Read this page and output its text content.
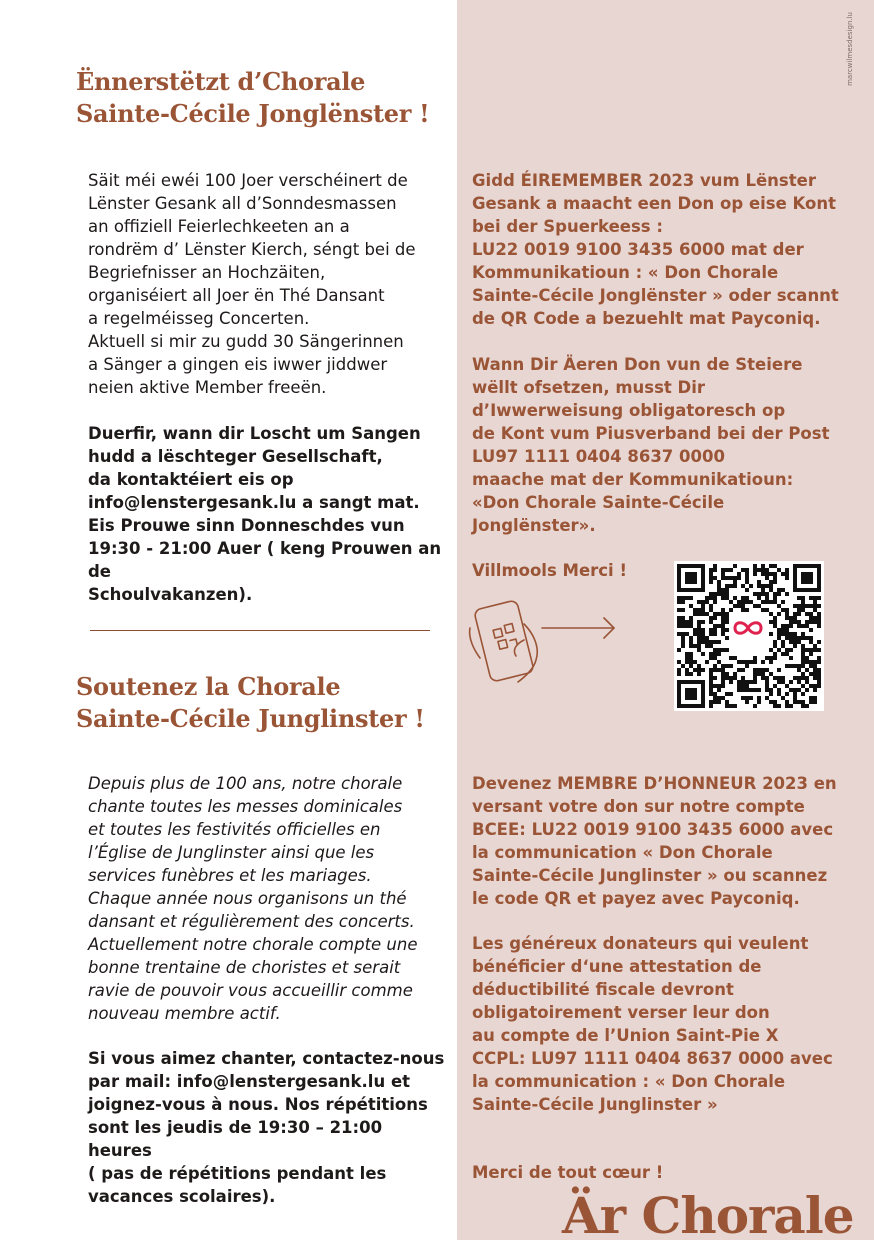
marcwilmesdesign.lu
Ënnerstëtzt d’Chorale
Sainte-Cécile Jonglënster !

Säit méi ewéi 100 Joer verschéinert de
Lënster Gesank all d’Sonndesmassen
an offiziell Feierlechkeeten an a
rondrëm d’ Lënster Kierch, séngt bei de
Begriefnisser an Hochzäiten,
organiséiert all Joer ën Thé Dansant
a regelméisseg Concerten.
Aktuell si mir zu gudd 30 Sängerinnen
a Sänger a gingen eis iwwer jiddwer
neien aktive Member freeën.

Duerfir, wann dir Loscht um Sangen
hudd a lëschteger Gesellschaft,
da kontaktéiert eis op
info@lenstergesank.lu a sangt mat.
Eis Prouwe sinn Donneschdes vun
19:30 - 21:00 Auer ( keng Prouwen an de
Schoulvakanzen).

Soutenez la Chorale
Sainte-Cécile Junglinster !

Depuis plus de 100 ans, notre chorale
chante toutes les messes dominicales
et toutes les festivités officielles en
l’Église de Junglinster ainsi que les
services funèbres et les mariages.
Chaque année nous organisons un thé
dansant et régulièrement des concerts.
Actuellement notre chorale compte une
bonne trentaine de choristes et serait
ravie de pouvoir vous accueillir comme
nouveau membre actif.

Si vous aimez chanter, contactez-nous
par mail: info@lenstergesank.lu et
joignez-vous à nous. Nos répétitions
sont les jeudis de 19:30 – 21:00 heures
( pas de répétitions pendant les
vacances scolaires).

Gidd ÉIREMEMBER 2023 vum Lënster
Gesank a maacht een Don op eise Kont
bei der Spuerkeess :
LU22 0019 9100 3435 6000 mat der
Kommunikatioun : « Don Chorale
Sainte-Cécile Jonglënster » oder scannt
de QR Code a bezuehlt mat Payconiq.

Wann Dir Äeren Don vun de Steiere
wëllt ofsetzen, musst Dir
d’Iwwerweisung obligatoresch op
de Kont vum Piusverband bei der Post
LU97 1111 0404 8637 0000
maache mat der Kommunikatioun:
«Don Chorale Sainte-Cécile Jonglënster».

Villmools Merci !

Devenez MEMBRE D’HONNEUR 2023 en
versant votre don sur notre compte
BCEE: LU22 0019 9100 3435 6000 avec
la communication « Don Chorale
Sainte-Cécile Junglinster » ou scannez
le code QR et payez avec Payconiq.

Les généreux donateurs qui veulent
bénéficier d‘une attestation de
déductibilité fiscale devront
obligatoirement verser leur don
au compte de l’Union Saint-Pie X
CCPL: LU97 1111 0404 8637 0000 avec
la communication : « Don Chorale
Sainte-Cécile Junglinster »

Merci de tout cœur !

Är Chorale
